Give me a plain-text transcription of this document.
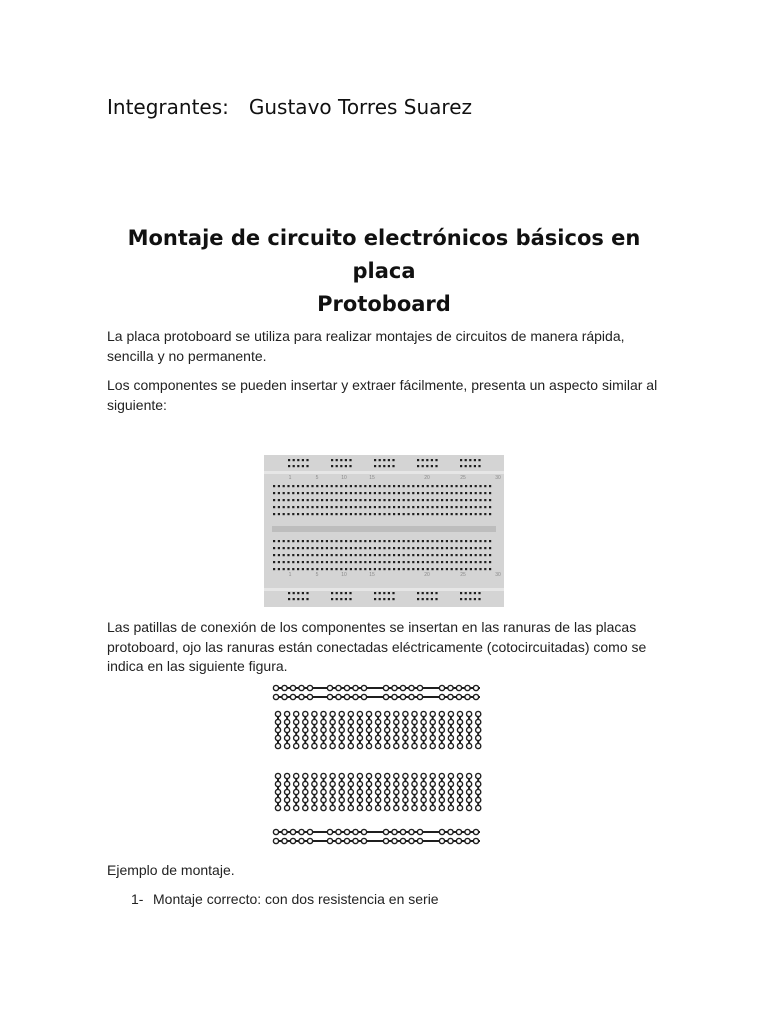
Integrantes: Gustavo Torres Suarez
Montaje de circuito electrónicos básicos en placa
Protoboard
La placa protoboard se utiliza para realizar montajes de circuitos de manera rápida, sencilla y no permanente.
Los componentes se pueden insertar y extraer fácilmente, presenta un aspecto similar al siguiente:
1
1
5
5
10
10
15
15
20
20
25
25
30
30
Las patillas de conexión de los componentes se insertan en las ranuras de las placas protoboard, ojo las ranuras están conectadas eléctricamente (cotocircuitadas) como se indica en las siguiente figura.
Ejemplo de montaje.
1- Montaje correcto: con dos resistencia en serie
